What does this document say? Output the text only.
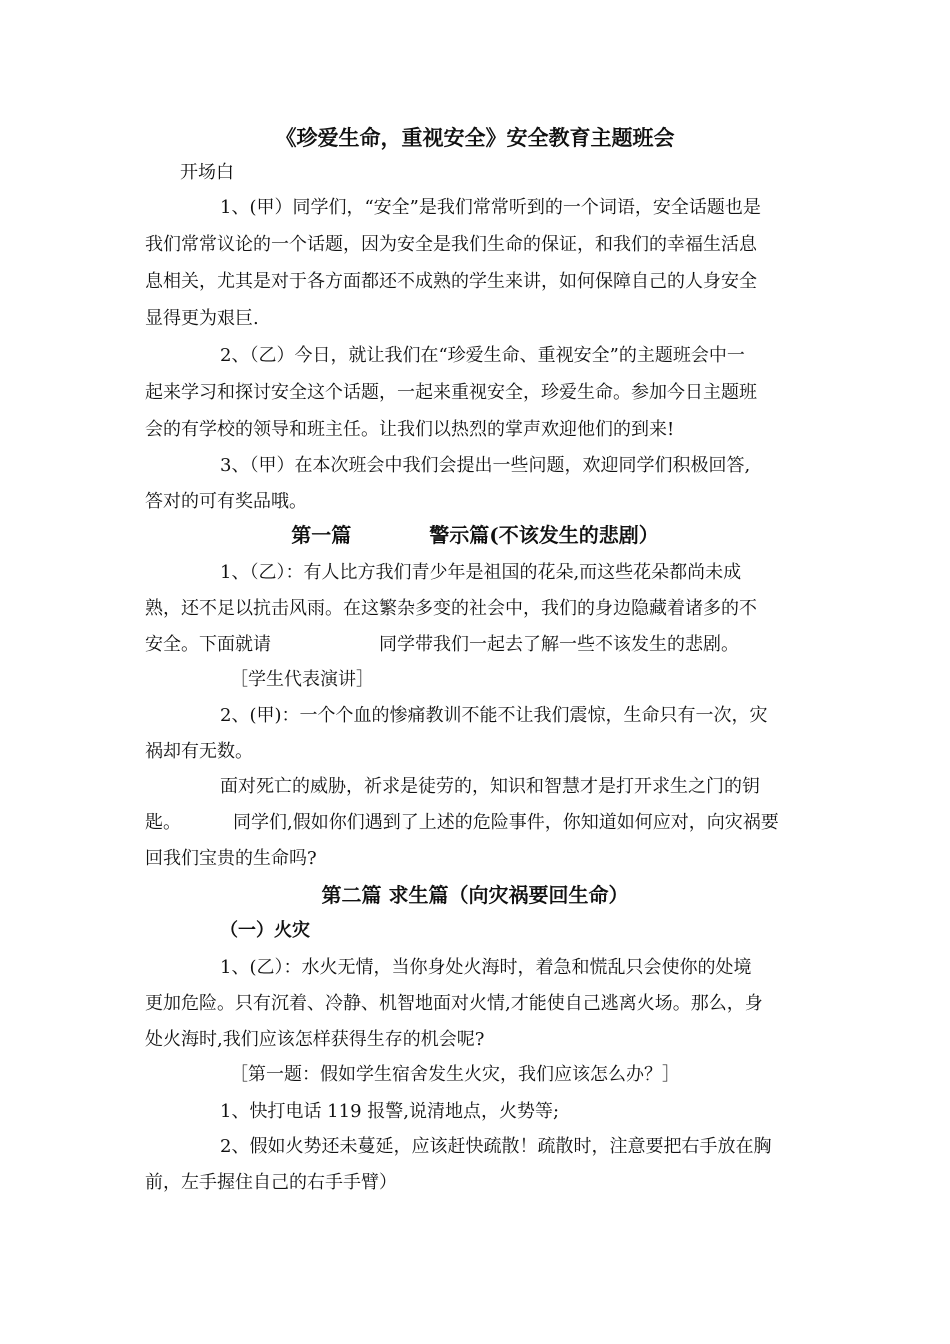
《珍爱生命，重视安全》安全教育主题班会
开场白
1、(甲）同学们，“安全”是我们常常听到的一个词语，安全话题也是
我们常常议论的一个话题，因为安全是我们生命的保证，和我们的幸福生活息
息相关，尤其是对于各方面都还不成熟的学生来讲，如何保障自己的人身安全
显得更为艰巨.
2、（乙）今日，就让我们在“珍爱生命、重视安全”的主题班会中一
起来学习和探讨安全这个话题，一起来重视安全，珍爱生命。参加今日主题班
会的有学校的领导和班主任。让我们以热烈的掌声欢迎他们的到来!
3、（甲）在本次班会中我们会提出一些问题，欢迎同学们积极回答,
答对的可有奖品哦。
第一篇	警示篇(不该发生的悲剧）
1、（乙）：有人比方我们青少年是祖国的花朵,而这些花朵都尚未成
熟，还不足以抗击风雨。在这繁杂多变的社会中，我们的身边隐藏着诸多的不
安全。下面就请	同学带我们一起去了解一些不该发生的悲剧。
［学生代表演讲］
2、(甲)：一个个血的惨痛教训不能不让我们震惊，生命只有一次，灾
祸却有无数。
面对死亡的威胁，祈求是徒劳的，知识和智慧才是打开求生之门的钥
匙。	同学们,假如你们遇到了上述的危险事件，你知道如何应对，向灾祸要
回我们宝贵的生命吗?
第二篇 求生篇（向灾祸要回生命）
（一）火灾
1、(乙）：水火无情，当你身处火海时，着急和慌乱只会使你的处境
更加危险。只有沉着、冷静、机智地面对火情,才能使自己逃离火场。那么，身
处火海时,我们应该怎样获得生存的机会呢?
［第一题：假如学生宿舍发生火灾，我们应该怎么办？］
1、快打电话 119 报警,说清地点，火势等;
2、假如火势还未蔓延，应该赶快疏散！疏散时，注意要把右手放在胸
前，左手握住自己的右手手臂）
